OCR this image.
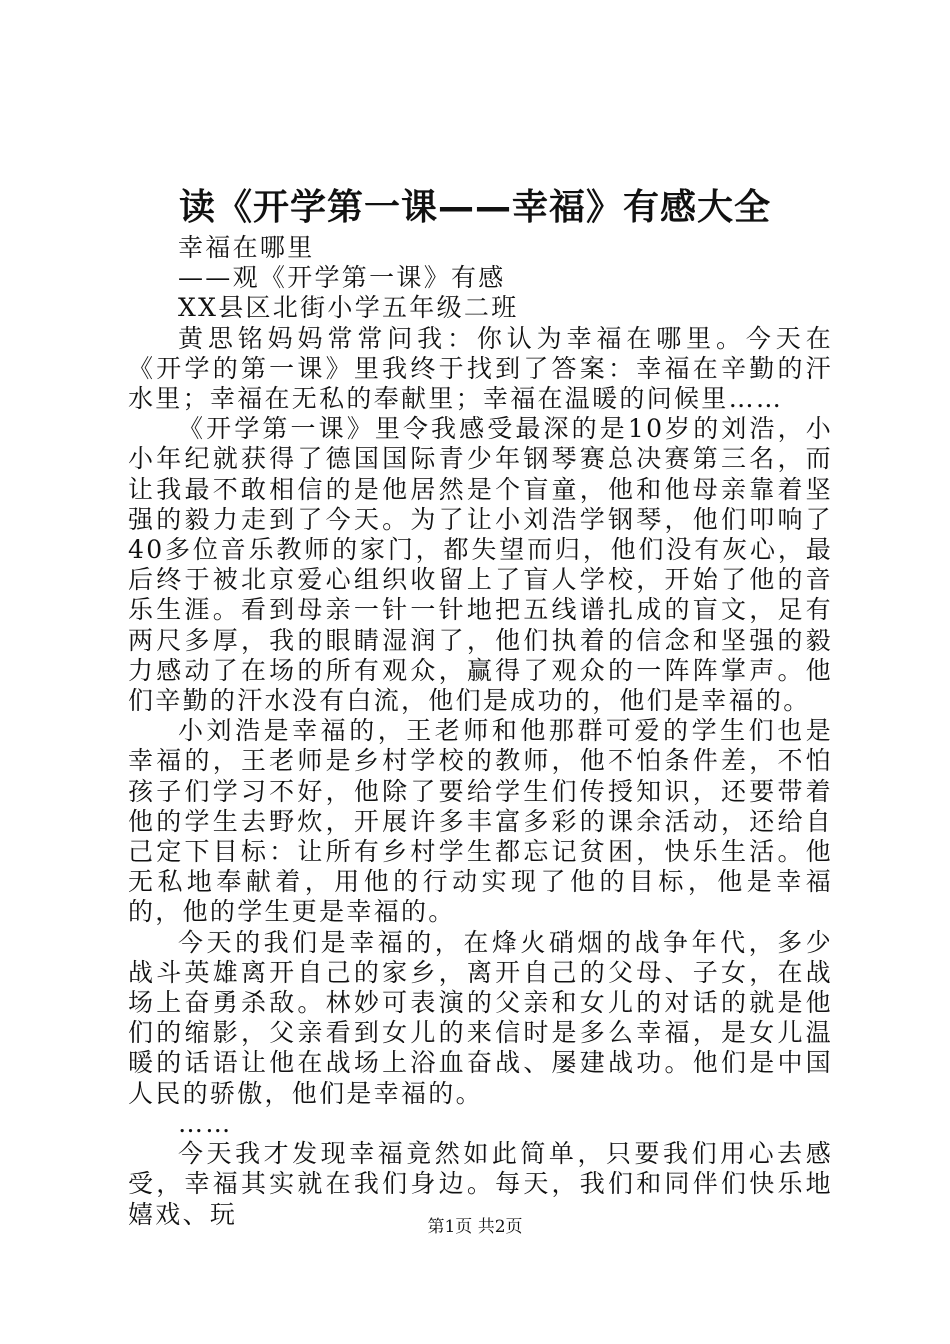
读《开学第一课——幸福》有感大全

幸福在哪里

——观《开学第一课》有感

XX县区北街小学五年级二班

黄思铭妈妈常常问我：你认为幸福在哪里。今天在《开学的第一课》里我终于找到了答案：幸福在辛勤的汗水里；幸福在无私的奉献里；幸福在温暖的问候里……

《开学第一课》里令我感受最深的是10岁的刘浩，小小年纪就获得了德国国际青少年钢琴赛总决赛第三名，而让我最不敢相信的是他居然是个盲童，他和他母亲靠着坚强的毅力走到了今天。为了让小刘浩学钢琴，他们叩响了40多位音乐教师的家门，都失望而归，他们没有灰心，最后终于被北京爱心组织收留上了盲人学校，开始了他的音乐生涯。看到母亲一针一针地把五线谱扎成的盲文，足有两尺多厚，我的眼睛湿润了，他们执着的信念和坚强的毅力感动了在场的所有观众，赢得了观众的一阵阵掌声。他们辛勤的汗水没有白流，他们是成功的，他们是幸福的。

小刘浩是幸福的，王老师和他那群可爱的学生们也是幸福的，王老师是乡村学校的教师，他不怕条件差，不怕孩子们学习不好，他除了要给学生们传授知识，还要带着他的学生去野炊，开展许多丰富多彩的课余活动，还给自己定下目标：让所有乡村学生都忘记贫困，快乐生活。他无私地奉献着，用他的行动实现了他的目标，他是幸福的，他的学生更是幸福的。

今天的我们是幸福的，在烽火硝烟的战争年代，多少战斗英雄离开自己的家乡，离开自己的父母、子女，在战场上奋勇杀敌。林妙可表演的父亲和女儿的对话的就是他们的缩影，父亲看到女儿的来信时是多么幸福，是女儿温暖的话语让他在战场上浴血奋战、屡建战功。他们是中国人民的骄傲，他们是幸福的。

……

今天我才发现幸福竟然如此简单，只要我们用心去感受，幸福其实就在我们身边。每天，我们和同伴们快乐地嬉戏、玩	第1页 共2页
